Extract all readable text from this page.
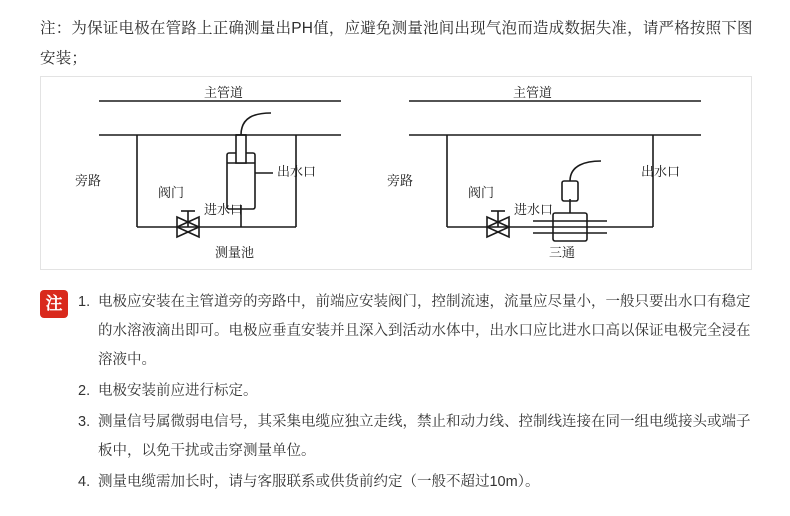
注：为保证电极在管路上正确测量出PH值，应避免测量池间出现气泡而造成数据失准，请严格按照下图安装；
主管道
旁路
阀门
进水口
出水口
测量池
主管道
旁路
阀门
进水口
出水口
三通
注	1. 电极应安装在主管道旁的旁路中，前端应安装阀门，控制流速，流量应尽量小，一般只要出水口有稳定的水溶液滴出即可。电极应垂直安装并且深入到活动水体中，出水口应比进水口高以保证电极完全浸在溶液中。
2. 电极安装前应进行标定。
3. 测量信号属微弱电信号，其采集电缆应独立走线，禁止和动力线、控制线连接在同一组电缆接头或端子板中，以免干扰或击穿测量单位。
4. 测量电缆需加长时，请与客服联系或供货前约定（一般不超过10m）。
